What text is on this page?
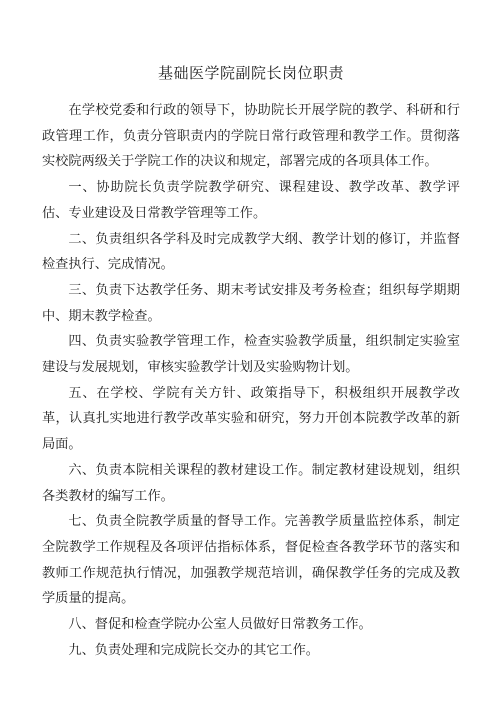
基础医学院副院长岗位职责

在学校党委和行政的领导下，协助院长开展学院的教学、科研和行政管理工作，负责分管职责内的学院日常行政管理和教学工作。贯彻落实校院两级关于学院工作的决议和规定，部署完成的各项具体工作。

一、协助院长负责学院教学研究、课程建设、教学改革、教学评估、专业建设及日常教学管理等工作。

二、负责组织各学科及时完成教学大纲、教学计划的修订，并监督检查执行、完成情况。

三、负责下达教学任务、期末考试安排及考务检查；组织每学期期中、期末教学检查。

四、负责实验教学管理工作，检查实验教学质量，组织制定实验室建设与发展规划，审核实验教学计划及实验购物计划。

五、在学校、学院有关方针、政策指导下，积极组织开展教学改革，认真扎实地进行教学改革实验和研究，努力开创本院教学改革的新局面。

六、负责本院相关课程的教材建设工作。制定教材建设规划，组织各类教材的编写工作。

七、负责全院教学质量的督导工作。完善教学质量监控体系，制定全院教学工作规程及各项评估指标体系，督促检查各教学环节的落实和教师工作规范执行情况，加强教学规范培训，确保教学任务的完成及教学质量的提高。

八、督促和检查学院办公室人员做好日常教务工作。

九、负责处理和完成院长交办的其它工作。
